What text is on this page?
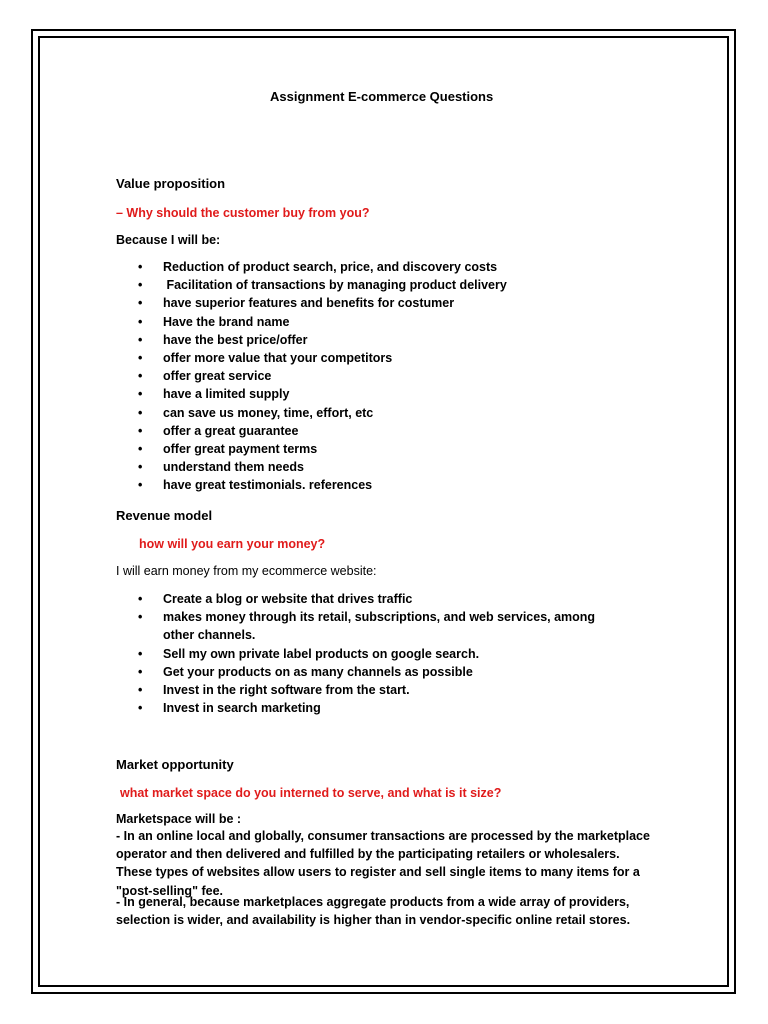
Assignment E-commerce Questions
Value proposition
– Why should the customer buy from you?
Because I will be:
• Reduction of product search, price, and discovery costs
• Facilitation of transactions by managing product delivery
• have superior features and benefits for costumer
• Have the brand name
• have the best price/offer
• offer more value that your competitors
• offer great service
• have a limited supply
• can save us money, time, effort, etc
• offer a great guarantee
• offer great payment terms
• understand them needs
• have great testimonials. references
Revenue model
how will you earn your money?
I will earn money from my ecommerce website:
• Create a blog or website that drives traffic
• makes money through its retail, subscriptions, and web services, among other channels.
• Sell my own private label products on google search.
• Get your products on as many channels as possible
• Invest in the right software from the start.
• Invest in search marketing
Market opportunity
what market space do you interned to serve, and what is it size?
Marketspace will be :
- In an online local and globally, consumer transactions are processed by the marketplace operator and then delivered and fulfilled by the participating retailers or wholesalers. These types of websites allow users to register and sell single items to many items for a "post-selling" fee.
- In general, because marketplaces aggregate products from a wide array of providers, selection is wider, and availability is higher than in vendor-specific online retail stores.
